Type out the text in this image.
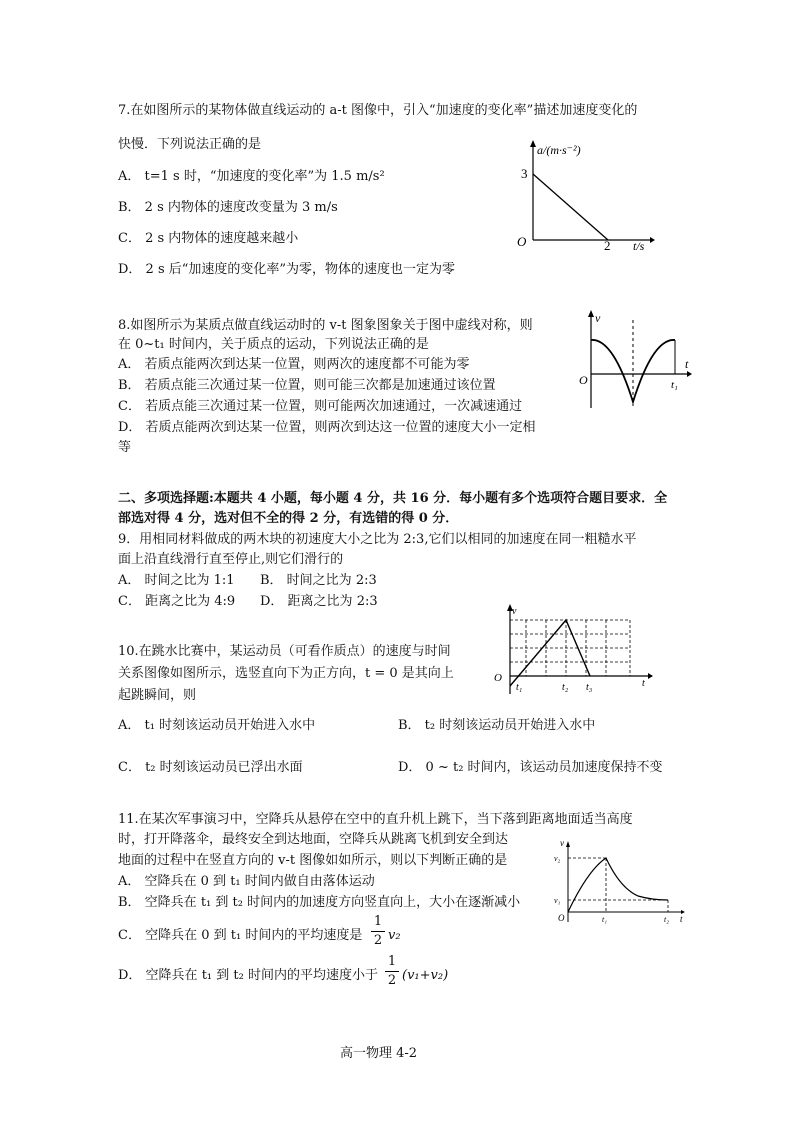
7.在如图所示的某物体做直线运动的 a-t 图像中，引入“加速度的变化率”描述加速度变化的
快慢．下列说法正确的是
A． t=1 s 时，“加速度的变化率”为 1.5 m/s²
B． 2 s 内物体的速度改变量为 3 m/s
C． 2 s 内物体的速度越来越小
D． 2 s 后“加速度的变化率”为零，物体的速度也一定为零
a/(m·s⁻²)
3
O	2 t/s
8.如图所示为某质点做直线运动时的 v-t 图象图象关于图中虚线对称，则
在 0~t₁ 时间内，关于质点的运动，下列说法正确的是
A． 若质点能两次到达某一位置，则两次的速度都不可能为零
B． 若质点能三次通过某一位置，则可能三次都是加速通过该位置
C． 若质点能三次通过某一位置，则可能两次加速通过，一次减速通过
D． 若质点能两次到达某一位置，则两次到达这一位置的速度大小一定相
等
v
O	t₁
t
二、多项选择题:本题共 4 小题，每小题 4 分，共 16 分．每小题有多个选项符合题目要求．全
部选对得 4 分，选对但不全的得 2 分，有选错的得 0 分．
9．用相同材料做成的两木块的初速度大小之比为 2:3,它们以相同的加速度在同一粗糙水平
面上沿直线滑行直至停止,则它们滑行的
A． 时间之比为 1:1 B． 时间之比为 2:3
C． 距离之比为 4:9 D． 距离之比为 2:3
10.在跳水比赛中，某运动员（可看作质点）的速度与时间
关系图像如图所示，选竖直向下为正方向，t = 0 是其向上
起跳瞬间，则
A． t₁ 时刻该运动员开始进入水中	B． t₂ 时刻该运动员开始进入水中
C． t₂ 时刻该运动员已浮出水面	D． 0 ~ t₂ 时间内，该运动员加速度保持不变
v
O
t₁	t₂ t₃	t
11.在某次军事演习中，空降兵从悬停在空中的直升机上跳下，当下落到距离地面适当高度
时，打开降落伞，最终安全到达地面，空降兵从跳离飞机到安全到达
地面的过程中在竖直方向的 v-t 图像如如所示，则以下判断正确的是
A． 空降兵在 0 到 t₁ 时间内做自由落体运动
B． 空降兵在 t₁ 到 t₂ 时间内的加速度方向竖直向上，大小在逐渐减小
C． 空降兵在 0 到 t₁ 时间内的平均速度是
1
2 v₂
D． 空降兵在 t₁ 到 t₂ 时间内的平均速度小于
1
2 (v₁+v₂)
v
v₂
v₁
O	t₁	t₂ t
高一物理 4-2
